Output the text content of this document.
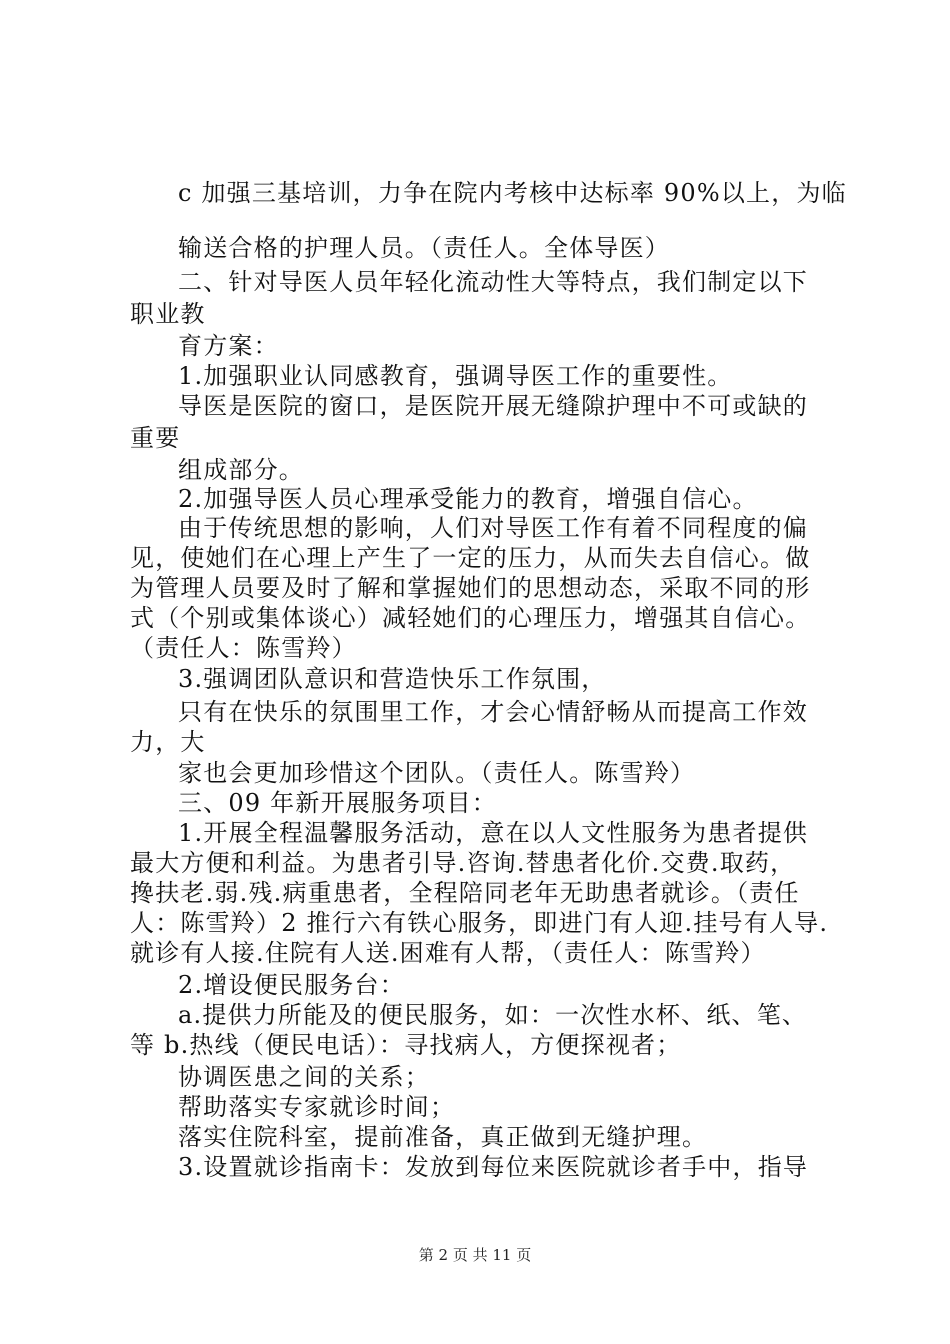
c 加强三基培训，力争在院内考核中达标率 90%以上，为临
输送合格的护理人员。（责任人。全体导医）
二、针对导医人员年轻化流动性大等特点，我们制定以下
职业教
育方案：
1.加强职业认同感教育，强调导医工作的重要性。
导医是医院的窗口，是医院开展无缝隙护理中不可或缺的
重要
组成部分。
2.加强导医人员心理承受能力的教育，增强自信心。
由于传统思想的影响，人们对导医工作有着不同程度的偏
见，使她们在心理上产生了一定的压力，从而失去自信心。做
为管理人员要及时了解和掌握她们的思想动态，采取不同的形
式（个别或集体谈心）减轻她们的心理压力，增强其自信心。
（责任人：陈雪羚）
3.强调团队意识和营造快乐工作氛围，
只有在快乐的氛围里工作，才会心情舒畅从而提高工作效
力，大
家也会更加珍惜这个团队。（责任人。陈雪羚）
三、09 年新开展服务项目：
1.开展全程温馨服务活动，意在以人文性服务为患者提供
最大方便和利益。为患者引导.咨询.替患者化价.交费.取药，
搀扶老.弱.残.病重患者，全程陪同老年无助患者就诊。（责任
人：陈雪羚）2 推行六有铁心服务，即进门有人迎.挂号有人导.
就诊有人接.住院有人送.困难有人帮，（责任人：陈雪羚）
2.增设便民服务台：
a.提供力所能及的便民服务，如：一次性水杯、纸、笔、
等 b.热线（便民电话）：寻找病人，方便探视者；
协调医患之间的关系；
帮助落实专家就诊时间；
落实住院科室，提前准备，真正做到无缝护理。
3.设置就诊指南卡：发放到每位来医院就诊者手中，指导
第 2 页 共 11 页
